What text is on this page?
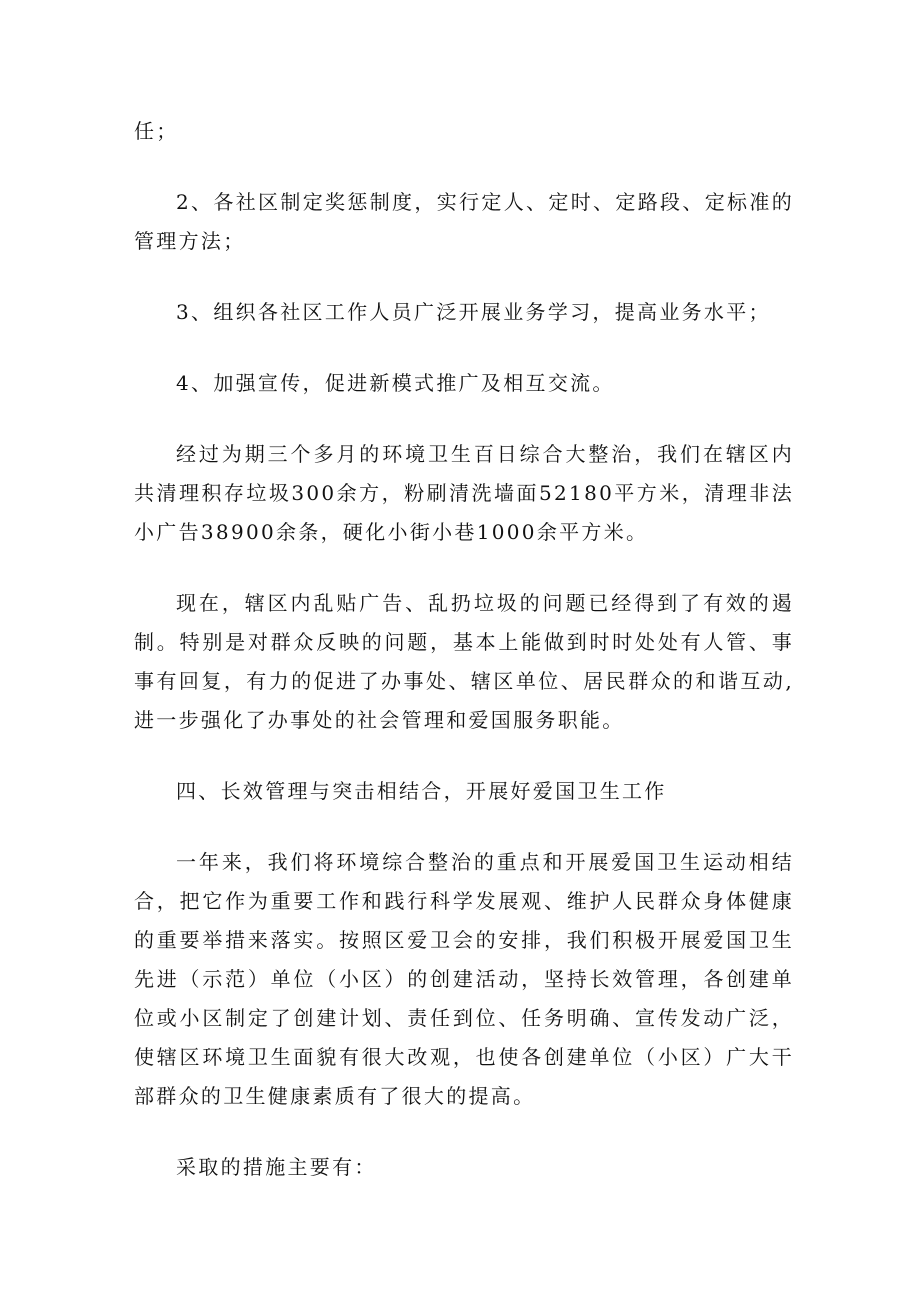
任；

2、各社区制定奖惩制度，实行定人、定时、定路段、定标准的管理方法；

3、组织各社区工作人员广泛开展业务学习，提高业务水平；

4、加强宣传，促进新模式推广及相互交流。

经过为期三个多月的环境卫生百日综合大整治，我们在辖区内共清理积存垃圾300余方，粉刷清洗墙面52180平方米，清理非法小广告38900余条，硬化小街小巷1000余平方米。

现在，辖区内乱贴广告、乱扔垃圾的问题已经得到了有效的遏制。特别是对群众反映的问题，基本上能做到时时处处有人管、事事有回复，有力的促进了办事处、辖区单位、居民群众的和谐互动,进一步强化了办事处的社会管理和爱国服务职能。

四、长效管理与突击相结合，开展好爱国卫生工作

一年来，我们将环境综合整治的重点和开展爱国卫生运动相结合，把它作为重要工作和践行科学发展观、维护人民群众身体健康的重要举措来落实。按照区爱卫会的安排，我们积极开展爱国卫生先进（示范）单位（小区）的创建活动，坚持长效管理，各创建单位或小区制定了创建计划、责任到位、任务明确、宣传发动广泛，使辖区环境卫生面貌有很大改观，也使各创建单位（小区）广大干部群众的卫生健康素质有了很大的提高。

采取的措施主要有：
